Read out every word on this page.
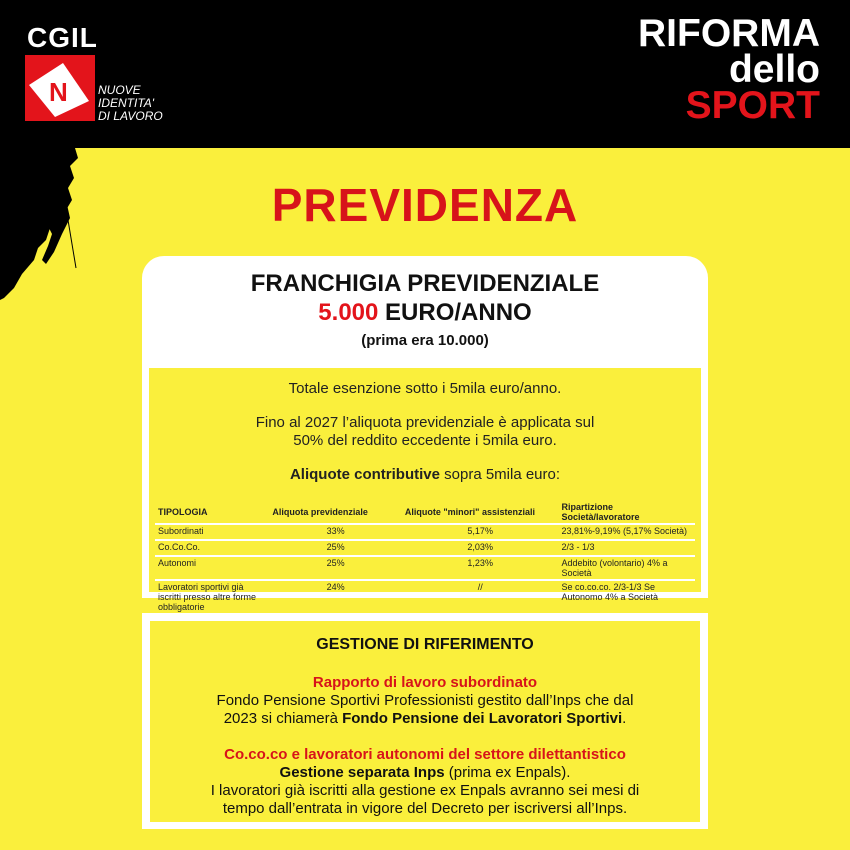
CGIL
N	NUOVE
IDENTITA'
DI LAVORO
RIFORMA
dello
SPORT
PREVIDENZA
FRANCHIGIA PREVIDENZIALE
5.000 EURO/ANNO
(prima era 10.000)
Totale esenzione sotto i 5mila euro/anno.
Fino al 2027 l’aliquota previdenziale è applicata sul
50% del reddito eccedente i 5mila euro.
Aliquote contributive sopra 5mila euro:
TIPOLOGIA	Aliquota previdenziale	Aliquote "minori" assistenziali	Ripartizione Società/lavoratore
Subordinati	33%	5,17%	23,81%-9,19% (5,17% Società)
Co.Co.Co.	25%	2,03%	2/3 - 1/3
Autonomi	25%	1,23%	Addebito (volontario) 4% a Società
Lavoratori sportivi già iscritti presso altre forme obbligatorie	24%	//	Se co.co.co. 2/3-1/3 Se Autonomo 4% a Società
GESTIONE DI RIFERIMENTO
Rapporto di lavoro subordinato
Fondo Pensione Sportivi Professionisti gestito dall’Inps che dal
2023 si chiamerà Fondo Pensione dei Lavoratori Sportivi.
Co.co.co e lavoratori autonomi del settore dilettantistico
Gestione separata Inps (prima ex Enpals).
I lavoratori già iscritti alla gestione ex Enpals avranno sei mesi di
tempo dall’entrata in vigore del Decreto per iscriversi all’Inps.
